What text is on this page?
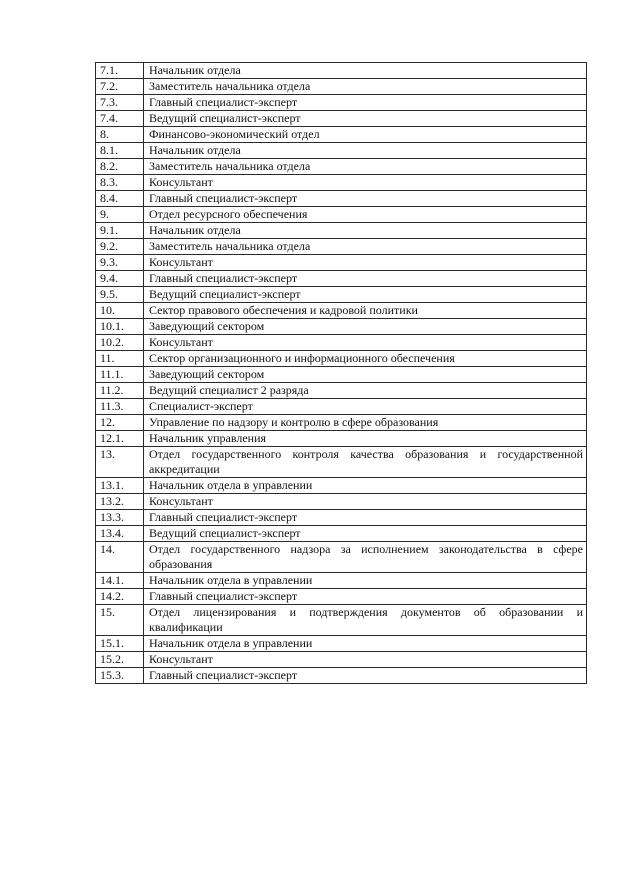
7.1.	Начальник отдела
7.2.	Заместитель начальника отдела
7.3.	Главный специалист-эксперт
7.4.	Ведущий специалист-эксперт
8.	Финансово-экономический отдел
8.1.	Начальник отдела
8.2.	Заместитель начальника отдела
8.3.	Консультант
8.4.	Главный специалист-эксперт
9.	Отдел ресурсного обеспечения
9.1.	Начальник отдела
9.2.	Заместитель начальника отдела
9.3.	Консультант
9.4.	Главный специалист-эксперт
9.5.	Ведущий специалист-эксперт
10.	Сектор правового обеспечения и кадровой политики
10.1.	Заведующий сектором
10.2.	Консультант
11.	Сектор организационного и информационного обеспечения
11.1.	Заведующий сектором
11.2.	Ведущий специалист 2 разряда
11.3.	Специалист-эксперт
12.	Управление по надзору и контролю в сфере образования
12.1.	Начальник управления
13.	Отдел государственного контроля качества образования и государственной аккредитации
13.1.	Начальник отдела в управлении
13.2.	Консультант
13.3.	Главный специалист-эксперт
13.4.	Ведущий специалист-эксперт
14.	Отдел государственного надзора за исполнением законодательства в сфере образования
14.1.	Начальник отдела в управлении
14.2.	Главный специалист-эксперт
15.	Отдел лицензирования и подтверждения документов об образовании и квалификации
15.1.	Начальник отдела в управлении
15.2.	Консультант
15.3.	Главный специалист-эксперт
